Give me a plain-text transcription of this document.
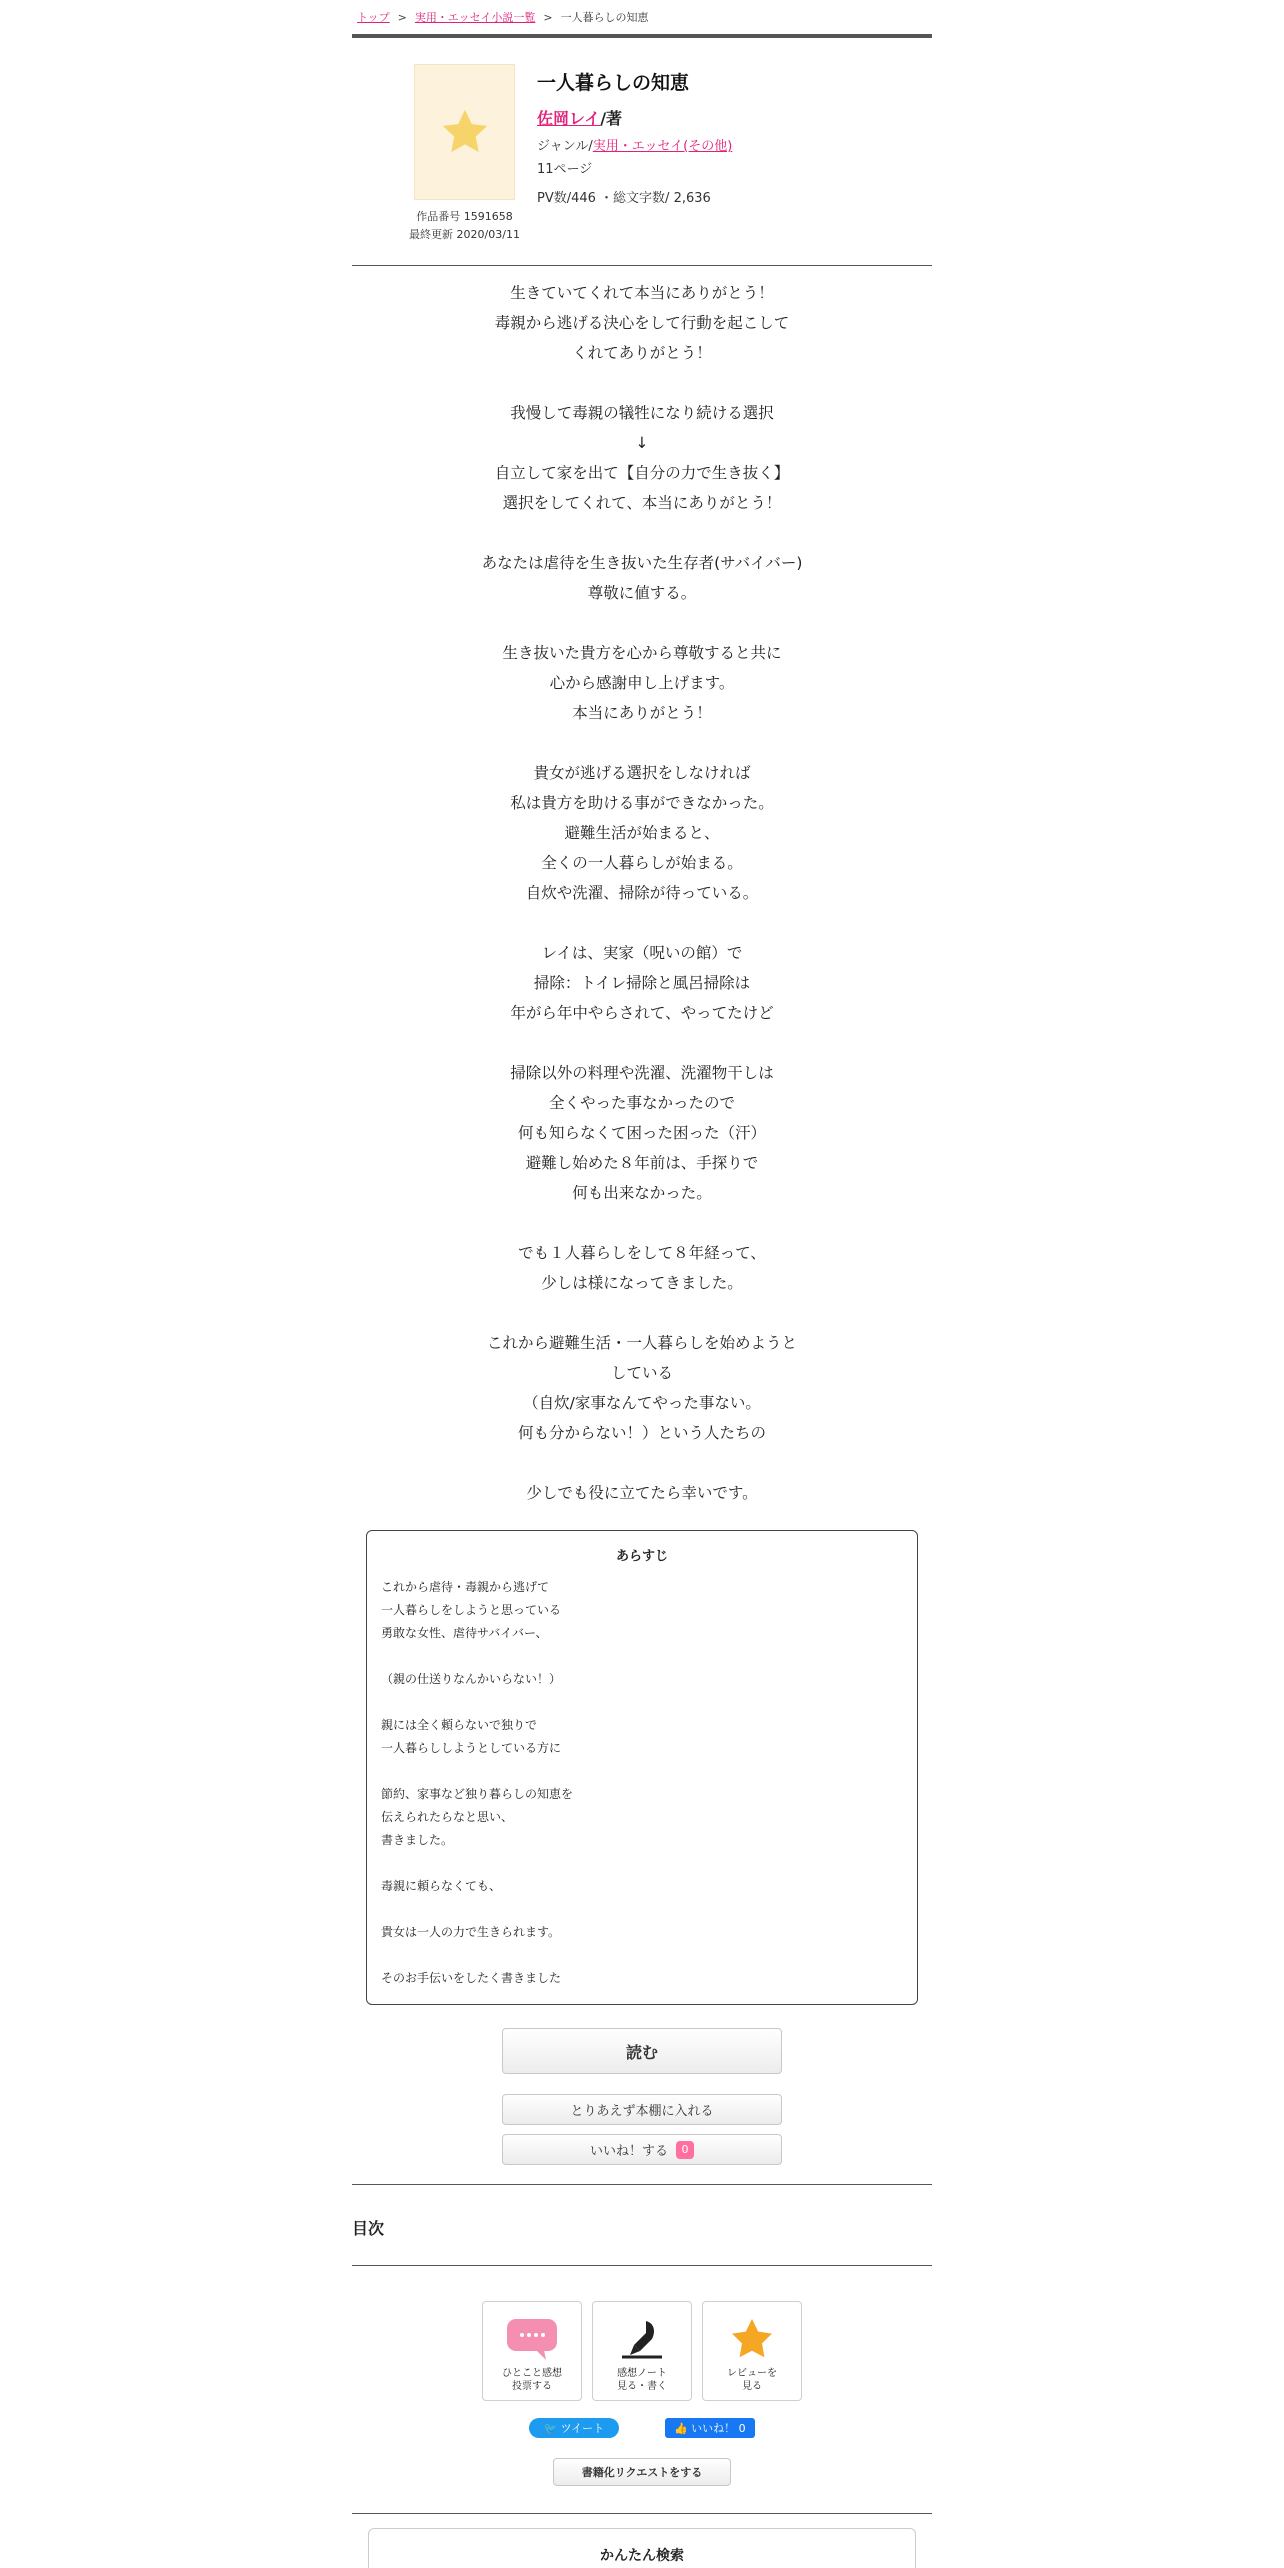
トップ > 実用・エッセイ小説一覧 > 一人暮らしの知恵
作品番号 1591658
最終更新 2020/03/11
一人暮らしの知恵
佐岡レイ/著
ジャンル/実用・エッセイ(その他)
11ページ
PV数/446 ・総文字数/ 2,636

生きていてくれて本当にありがとう！

毒親から逃げる決心をして行動を起こして

くれてありがとう！

我慢して毒親の犠牲になり続ける選択

↓

自立して家を出て【自分の力で生き抜く】

選択をしてくれて、本当にありがとう！

あなたは虐待を生き抜いた生存者(サバイバー)

尊敬に値する。

生き抜いた貴方を心から尊敬すると共に

心から感謝申し上げます。

本当にありがとう！

貴女が逃げる選択をしなければ

私は貴方を助ける事ができなかった。

避難生活が始まると、

全くの一人暮らしが始まる。

自炊や洗濯、掃除が待っている。

レイは、実家（呪いの館）で

掃除：トイレ掃除と風呂掃除は

年がら年中やらされて、やってたけど

掃除以外の料理や洗濯、洗濯物干しは

全くやった事なかったので

何も知らなくて困った困った（汗）

避難し始めた８年前は、手探りで

何も出来なかった。

でも１人暮らしをして８年経って、

少しは様になってきました。

これから避難生活・一人暮らしを始めようと

している

（自炊/家事なんてやった事ない。

何も分からない！）という人たちの

少しでも役に立てたら幸いです。

あらすじ

これから虐待・毒親から逃げて

一人暮らしをしようと思っている

勇敢な女性、虐待サバイバー、

（親の仕送りなんかいらない！）

親には全く頼らないで独りで

一人暮らししようとしている方に

節約、家事など独り暮らしの知恵を

伝えられたらなと思い、

書きました。

毒親に頼らなくても、

貴女は一人の力で生きられます。

そのお手伝いをしたく書きました

読む
とりあえず本棚に入れる
いいね！する	0
目次
ひとこと感想
投票する
感想ノート
見る・書く
レビューを
見る
🐦 ツイート	👍 いいね！ 0
書籍化リクエストをする
かんたん検索
